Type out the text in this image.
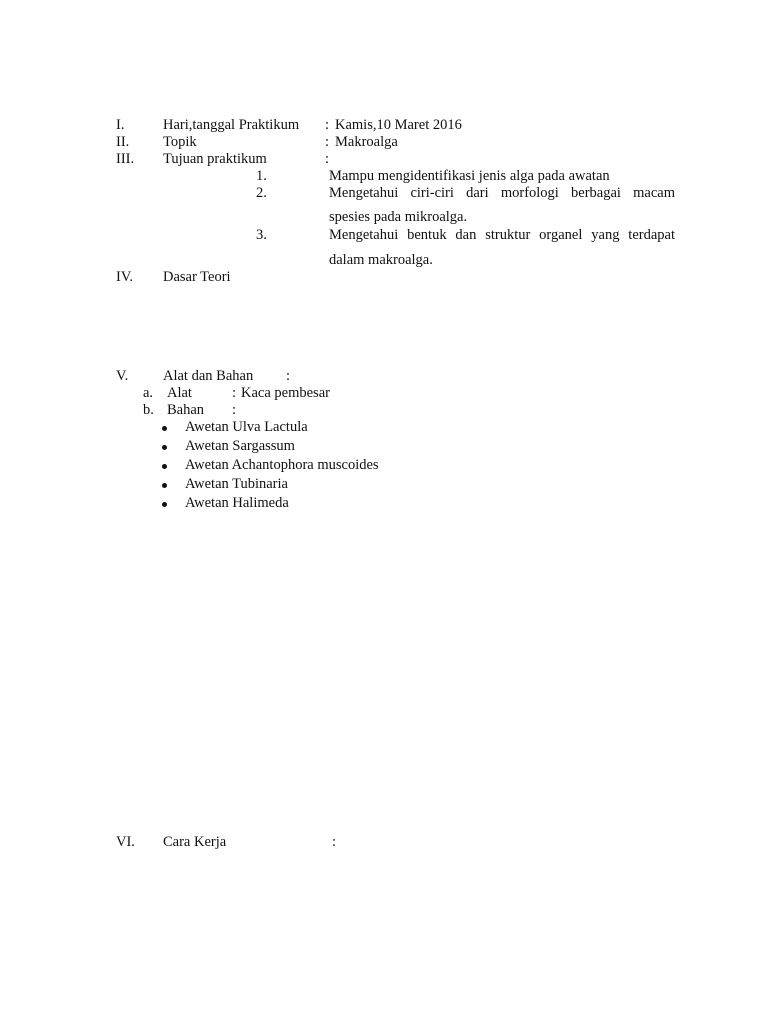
I.	Hari,tanggal Praktikum : Kamis,10 Maret 2016
II. Topik	: Makroalga
III. Tujuan praktikum	:
1.	Mampu mengidentifikasi jenis alga pada awatan
2.	Mengetahui ciri-ciri dari morfologi berbagai macam
spesies pada mikroalga.
3.	Mengetahui bentuk dan struktur organel yang terdapat
dalam makroalga.
IV. Dasar Teori
V. Alat dan Bahan :
a. Alat	: Kaca pembesar
b. Bahan :
Awetan Ulva Lactula
Awetan Sargassum
Awetan Achantophora muscoides
Awetan Tubinaria
Awetan Halimeda
VI. Cara Kerja	:
